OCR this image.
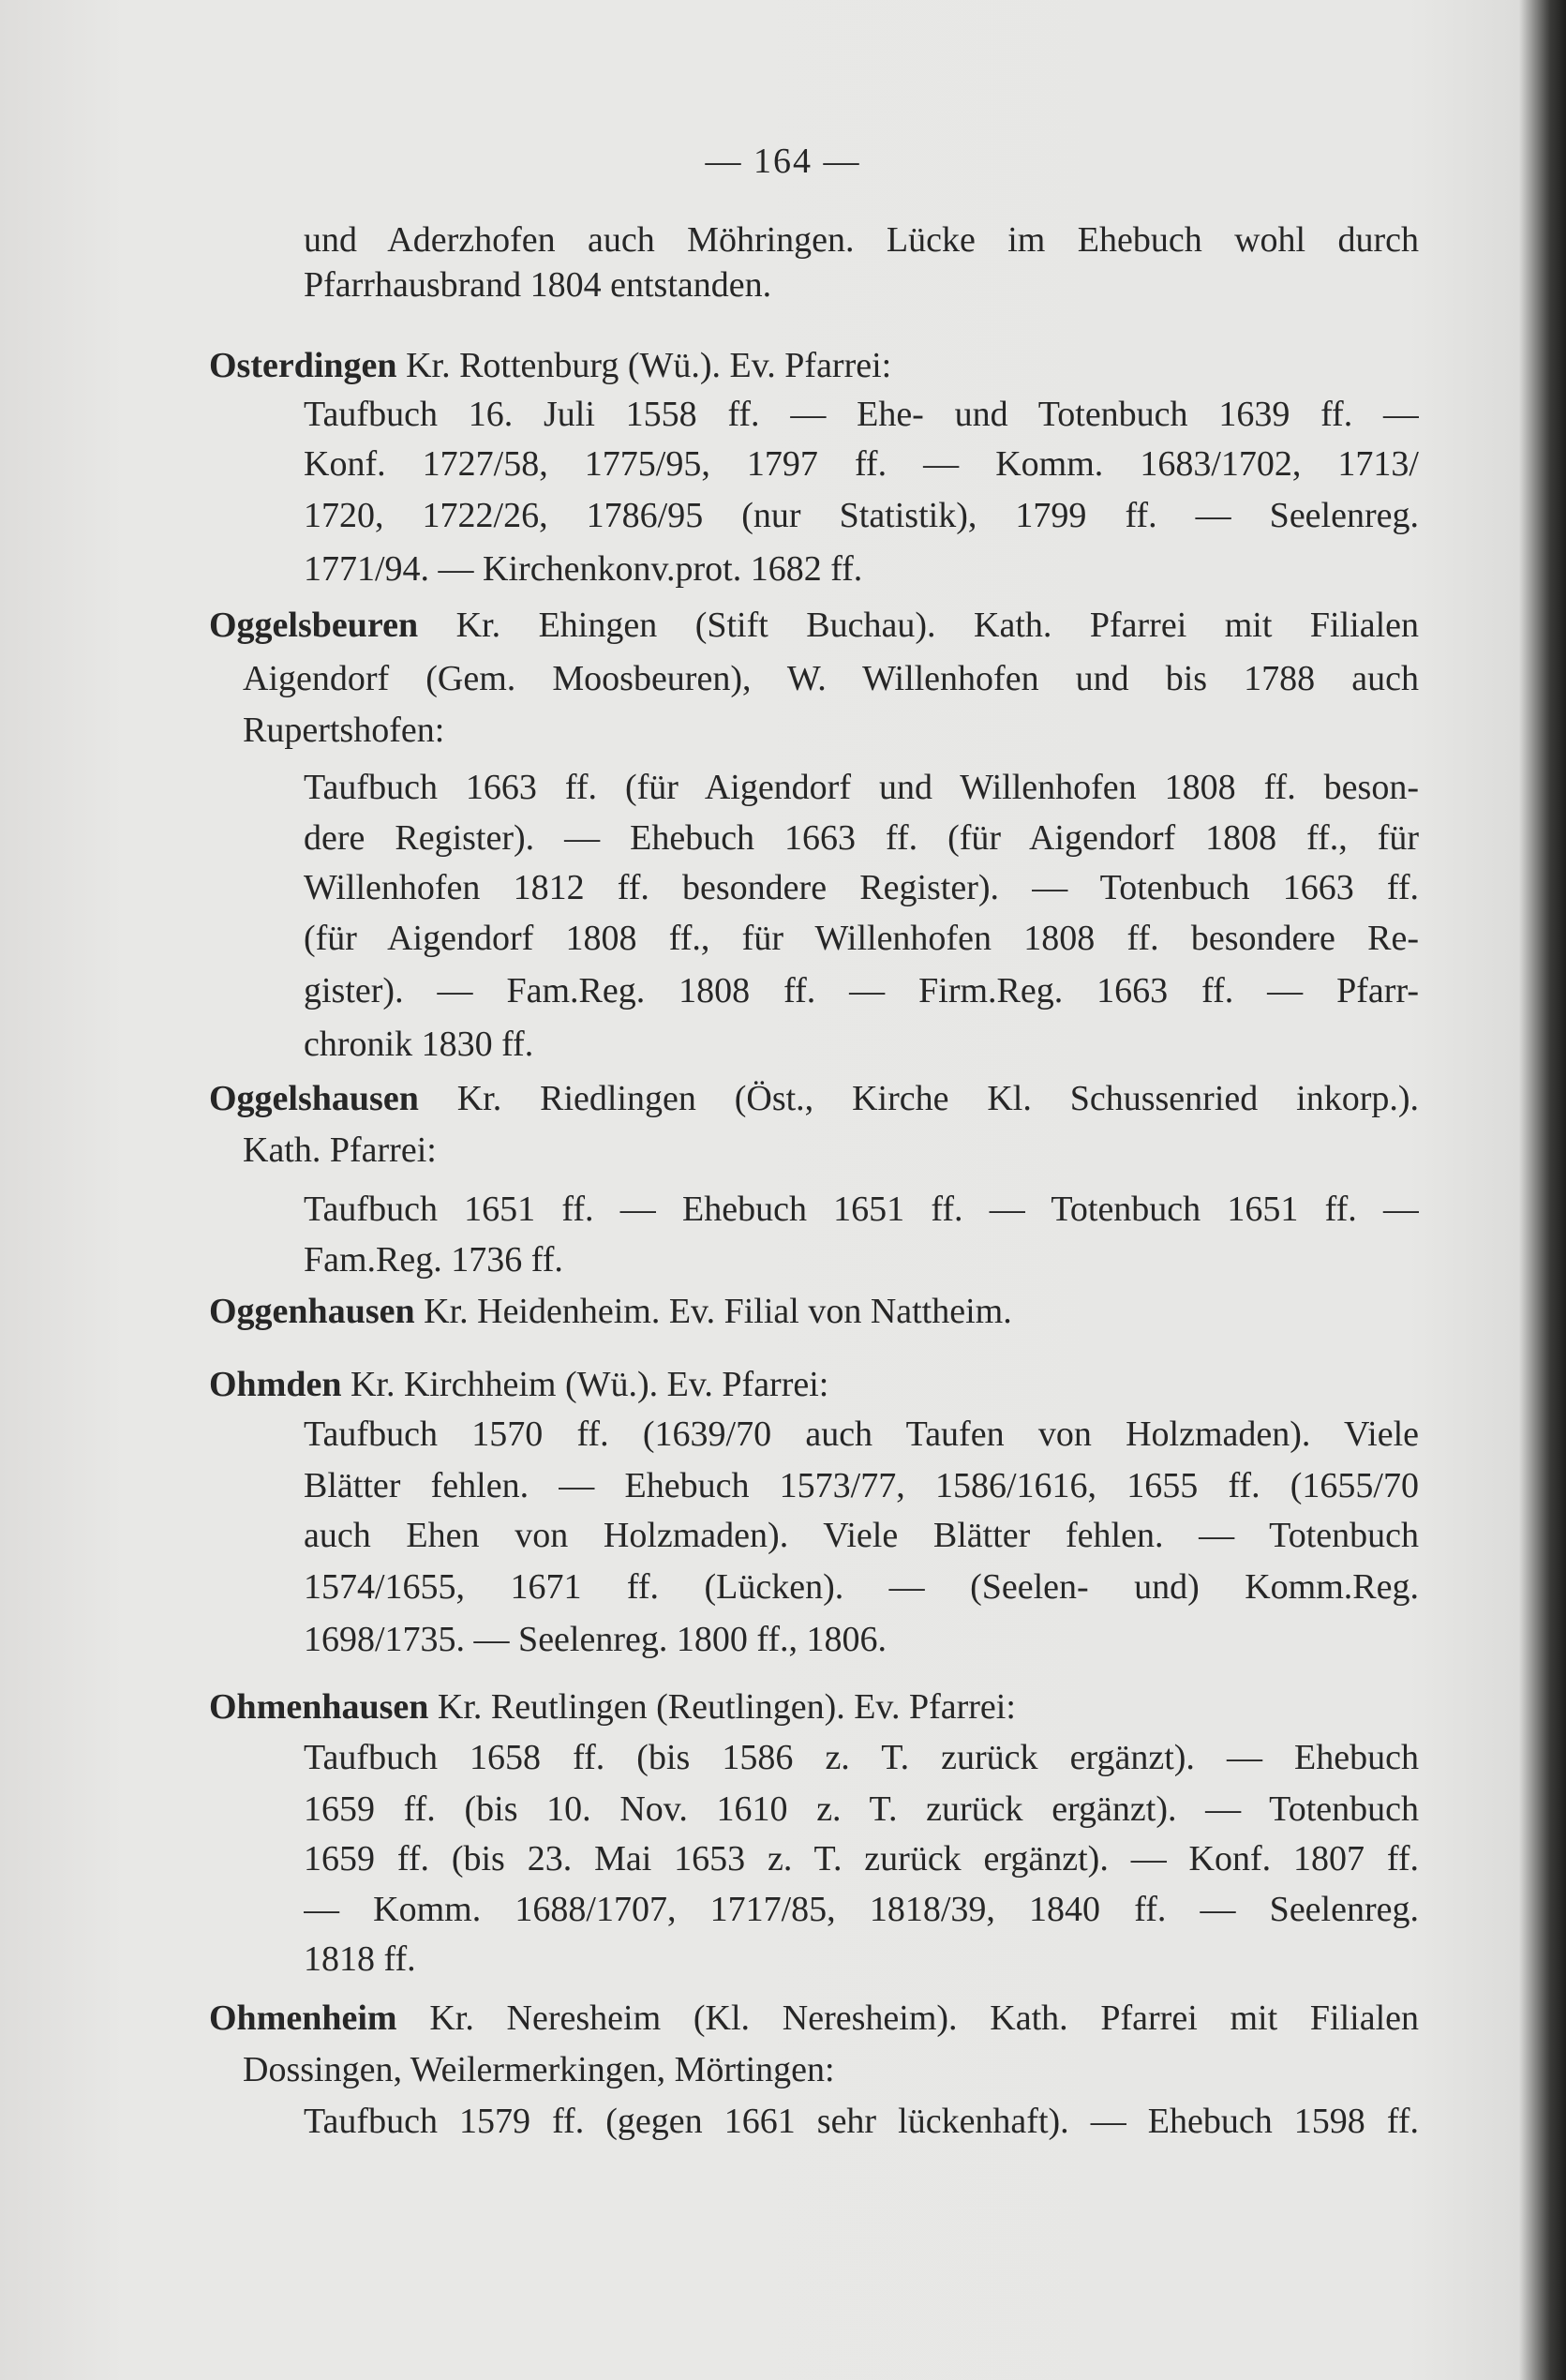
— 164 —
und Aderzhofen auch Möhringen. Lücke im Ehebuch wohl durch
Pfarrhausbrand 1804 entstanden.
Osterdingen Kr. Rottenburg (Wü.). Ev. Pfarrei:
Taufbuch 16. Juli 1558 ff. — Ehe- und Totenbuch 1639 ff. —
Konf. 1727/58, 1775/95, 1797 ff. — Komm. 1683/1702, 1713/
1720, 1722/26, 1786/95 (nur Statistik), 1799 ff. — Seelenreg.
1771/94. — Kirchenkonv.prot. 1682 ff.
Oggelsbeuren Kr. Ehingen (Stift Buchau). Kath. Pfarrei mit Filialen
Aigendorf (Gem. Moosbeuren), W. Willenhofen und bis 1788 auch
Rupertshofen:
Taufbuch 1663 ff. (für Aigendorf und Willenhofen 1808 ff. beson-
dere Register). — Ehebuch 1663 ff. (für Aigendorf 1808 ff., für
Willenhofen 1812 ff. besondere Register). — Totenbuch 1663 ff.
(für Aigendorf 1808 ff., für Willenhofen 1808 ff. besondere Re-
gister). — Fam.Reg. 1808 ff. — Firm.Reg. 1663 ff. — Pfarr-
chronik 1830 ff.
Oggelshausen Kr. Riedlingen (Öst., Kirche Kl. Schussenried inkorp.).
Kath. Pfarrei:
Taufbuch 1651 ff. — Ehebuch 1651 ff. — Totenbuch 1651 ff. —
Fam.Reg. 1736 ff.
Oggenhausen Kr. Heidenheim. Ev. Filial von Nattheim.
Ohmden Kr. Kirchheim (Wü.). Ev. Pfarrei:
Taufbuch 1570 ff. (1639/70 auch Taufen von Holzmaden). Viele
Blätter fehlen. — Ehebuch 1573/77, 1586/1616, 1655 ff. (1655/70
auch Ehen von Holzmaden). Viele Blätter fehlen. — Totenbuch
1574/1655, 1671 ff. (Lücken). — (Seelen- und) Komm.Reg.
1698/1735. — Seelenreg. 1800 ff., 1806.
Ohmenhausen Kr. Reutlingen (Reutlingen). Ev. Pfarrei:
Taufbuch 1658 ff. (bis 1586 z. T. zurück ergänzt). — Ehebuch
1659 ff. (bis 10. Nov. 1610 z. T. zurück ergänzt). — Totenbuch
1659 ff. (bis 23. Mai 1653 z. T. zurück ergänzt). — Konf. 1807 ff.
— Komm. 1688/1707, 1717/85, 1818/39, 1840 ff. — Seelenreg.
1818 ff.
Ohmenheim Kr. Neresheim (Kl. Neresheim). Kath. Pfarrei mit Filialen
Dossingen, Weilermerkingen, Mörtingen:
Taufbuch 1579 ff. (gegen 1661 sehr lückenhaft). — Ehebuch 1598 ff.
